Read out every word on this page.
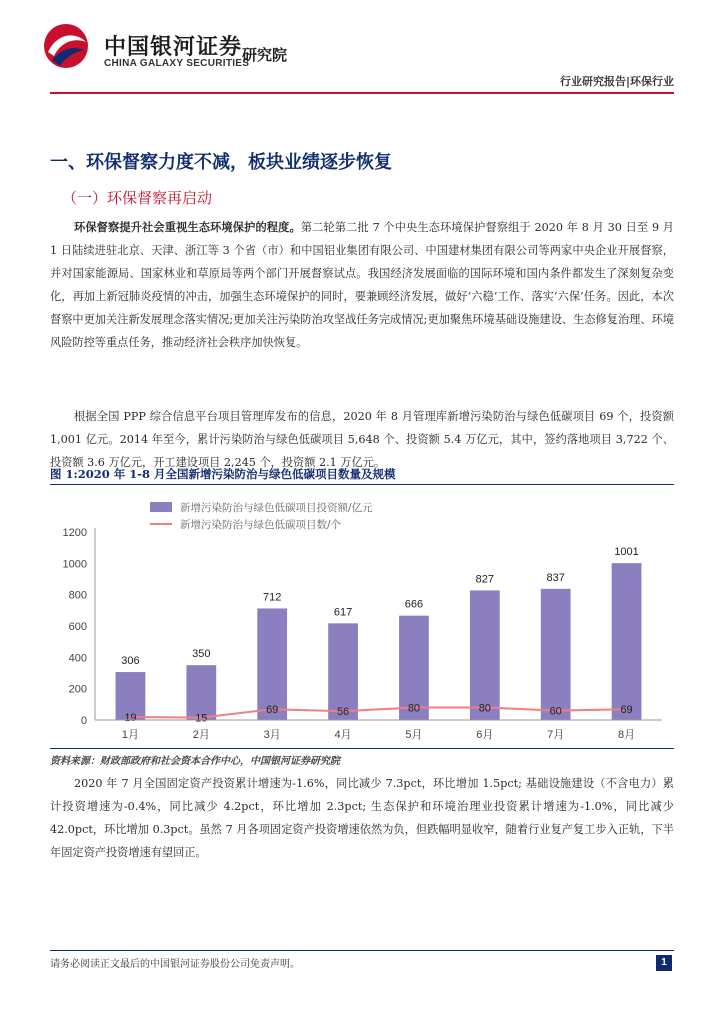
中国银河证券
CHINA GALAXY SECURITIES
研究院
行业研究报告|环保行业
一、环保督察力度不减，板块业绩逐步恢复
（一）环保督察再启动
环保督察提升社会重视生态环境保护的程度。第二轮第二批 7 个中央生态环境保护督察组于 2020 年 8 月 30 日至 9 月 1 日陆续进驻北京、天津、浙江等 3 个省（市）和中国铝业集团有限公司、中国建材集团有限公司等两家中央企业开展督察，并对国家能源局、国家林业和草原局等两个部门开展督察试点。我国经济发展面临的国际环境和国内条件都发生了深刻复杂变化，再加上新冠肺炎疫情的冲击，加强生态环境保护的同时，要兼顾经济发展，做好‘六稳’工作、落实‘六保’任务。因此，本次督察中更加关注新发展理念落实情况;更加关注污染防治攻坚战任务完成情况;更加聚焦环境基础设施建设、生态修复治理、环境风险防控等重点任务，推动经济社会秩序加快恢复。
根据全国 PPP 综合信息平台项目管理库发布的信息，2020 年 8 月管理库新增污染防治与绿色低碳项目 69 个，投资额 1,001 亿元。2014 年至今，累计污染防治与绿色低碳项目 5,648 个、投资额 5.4 万亿元，其中，签约落地项目 3,722 个、投资额 3.6 万亿元，开工建设项目 2,245 个，投资额 2.1 万亿元。
图 1:2020 年 1-8 月全国新增污染防治与绿色低碳项目数量及规模
0
200
400
600
800
1000
1200
306
350
712
617
666
827	837
1001
19	15
69	56	80	80	60	69
1月	2月	3月	4月	5月	6月	7月	8月
新增污染防治与绿色低碳项目投资额/亿元
新增污染防治与绿色低碳项目数/个
资料来源：财政部政府和社会资本合作中心，中国银河证券研究院
2020 年 7 月全国固定资产投资累计增速为-1.6%，同比减少 7.3pct，环比增加 1.5pct; 基础设施建设（不含电力）累计投资增速为-0.4%，同比减少 4.2pct，环比增加 2.3pct; 生态保护和环境治理业投资累计增速为-1.0%，同比减少 42.0pct，环比增加 0.3pct。虽然 7 月各项固定资产投资增速依然为负，但跌幅明显收窄，随着行业复产复工步入正轨，下半年固定资产投资增速有望回正。
请务必阅读正文最后的中国银河证券股份公司免责声明。	1
